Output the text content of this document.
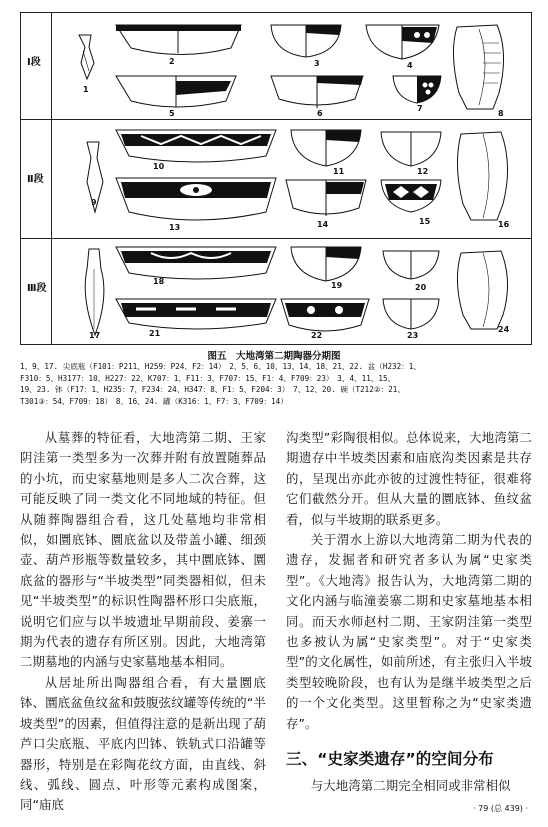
Ⅰ段
1
2	3	4
5	6
7
8
Ⅱ段
9
10
11	12
13	14	15	16
Ⅲ段
17
18	19	20
21	22	23
24
图五　大地湾第二期陶器分期图
1、9、17. 尖底瓶（F101：P211、H259：P24、F2：14）　2、5、6、10、13、14、18、21、22. 盆（H232：1、
F310：5、H3177：10、H227：22、K707：1、F11：3、F707：15、F1：4、F709：23）　3、4、11、15、
19、23. 钵（F17：1、H235：7、F234：24、H347：8、F1：5、F204：3）　7、12、20. 碗（T212②：21、
T301③：54、F709：18）　8、16、24. 罐（K316：1、F7：3、F709：14）

从墓葬的特征看，大地湾第二期、王家阴洼第一类型多为一次葬并附有放置随葬品的小坑，而史家墓地则是多人二次合葬，这可能反映了同一类文化不同地域的特征。但从随葬陶器组合看，这几处墓地均非常相似，如圜底钵、圜底盆以及带盖小罐、细颈壶、葫芦形瓶等数量较多，其中圜底钵、圜底盆的器形与“半坡类型”同类器相似，但未见“半坡类型”的标识性陶器杯形口尖底瓶，说明它们应与以半坡遗址早期前段、姜寨一期为代表的遗存有所区别。因此，大地湾第二期墓地的内涵与史家墓地基本相同。

从居址所出陶器组合看，有大量圜底钵、圜底盆鱼纹盆和鼓腹弦纹罐等传统的“半坡类型”的因素，但值得注意的是新出现了葫芦口尖底瓶、平底内凹钵、铁轨式口沿罐等器形，特别是在彩陶花纹方面，由直线、斜线、弧线、圆点、叶形等元素构成图案，同“庙底

沟类型”彩陶很相似。总体说来，大地湾第二期遗存中半坡类因素和庙底沟类因素是共存的，呈现出亦此亦彼的过渡性特征，很难将它们截然分开。但从大量的圜底钵、鱼纹盆看，似与半坡期的联系更多。

关于渭水上游以大地湾第二期为代表的遗存，发掘者和研究者多认为属“史家类型”。《大地湾》报告认为，大地湾第二期的文化内涵与临潼姜寨二期和史家墓地基本相同。而天水师赵村二期、王家阴洼第一类型也多被认为属“史家类型”。对于“史家类型”的文化属性，如前所述，有主张归入半坡类型较晚阶段，也有认为是继半坡类型之后的一个文化类型。这里暂称之为“史家类遗存”。

三、“史家类遗存”的空间分布

与大地湾第二期完全相同或非常相似

· 79 (总 439) ·
